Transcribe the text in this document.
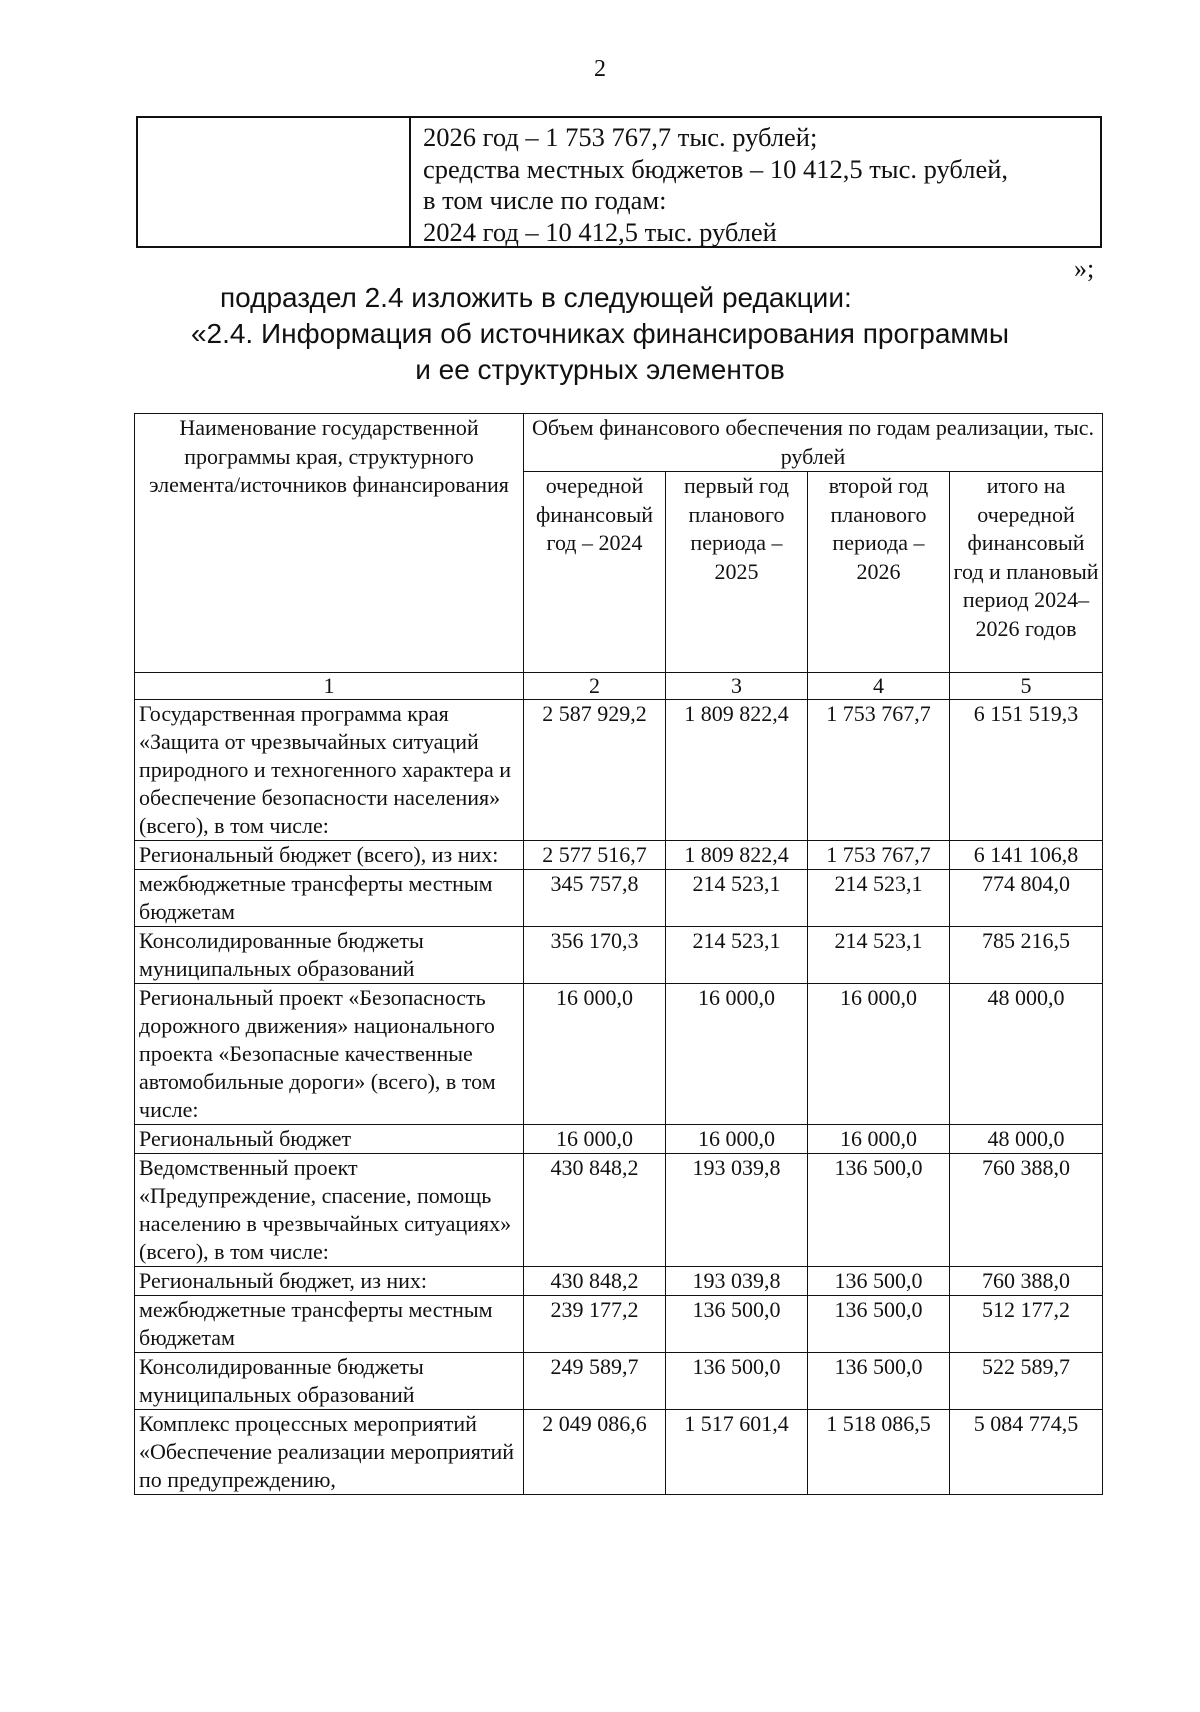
2
2026 год – 1 753 767,7 тыс. рублей;
средства местных бюджетов – 10 412,5 тыс. рублей,
в том числе по годам:
2024 год – 10 412,5 тыс. рублей
»;
подраздел 2.4 изложить в следующей редакции:
«2.4. Информация об источниках финансирования программы
и ее структурных элементов
Наименование государственной программы края, структурного элемента/источников финансирования	Объем финансового обеспечения по годам реализации, тыс. рублей			
	очередной финансовый год – 2024	первый год планового периода – 2025	второй год планового периода – 2026	итого на очередной финансовый год и плановый период 2024–2026 годов
1	2	3	4	5
Государственная программа края «Защита от чрезвычайных ситуаций природного и техногенного характера и обеспечение безопасности населения» (всего), в том числе:	2 587 929,2	1 809 822,4	1 753 767,7	6 151 519,3
Региональный бюджет (всего), из них:	2 577 516,7	1 809 822,4	1 753 767,7	6 141 106,8
межбюджетные трансферты местным бюджетам	345 757,8	214 523,1	214 523,1	774 804,0
Консолидированные бюджеты муниципальных образований	356 170,3	214 523,1	214 523,1	785 216,5
Региональный проект «Безопасность дорожного движения» национального проекта «Безопасные качественные автомобильные дороги» (всего), в том числе:	16 000,0	16 000,0	16 000,0	48 000,0
Региональный бюджет	16 000,0	16 000,0	16 000,0	48 000,0
Ведомственный проект «Предупреждение, спасение, помощь населению в чрезвычайных ситуациях» (всего), в том числе:	430 848,2	193 039,8	136 500,0	760 388,0
Региональный бюджет, из них:	430 848,2	193 039,8	136 500,0	760 388,0
межбюджетные трансферты местным бюджетам	239 177,2	136 500,0	136 500,0	512 177,2
Консолидированные бюджеты муниципальных образований	249 589,7	136 500,0	136 500,0	522 589,7
Комплекс процессных мероприятий «Обеспечение реализации мероприятий по предупреждению,	2 049 086,6	1 517 601,4	1 518 086,5	5 084 774,5
